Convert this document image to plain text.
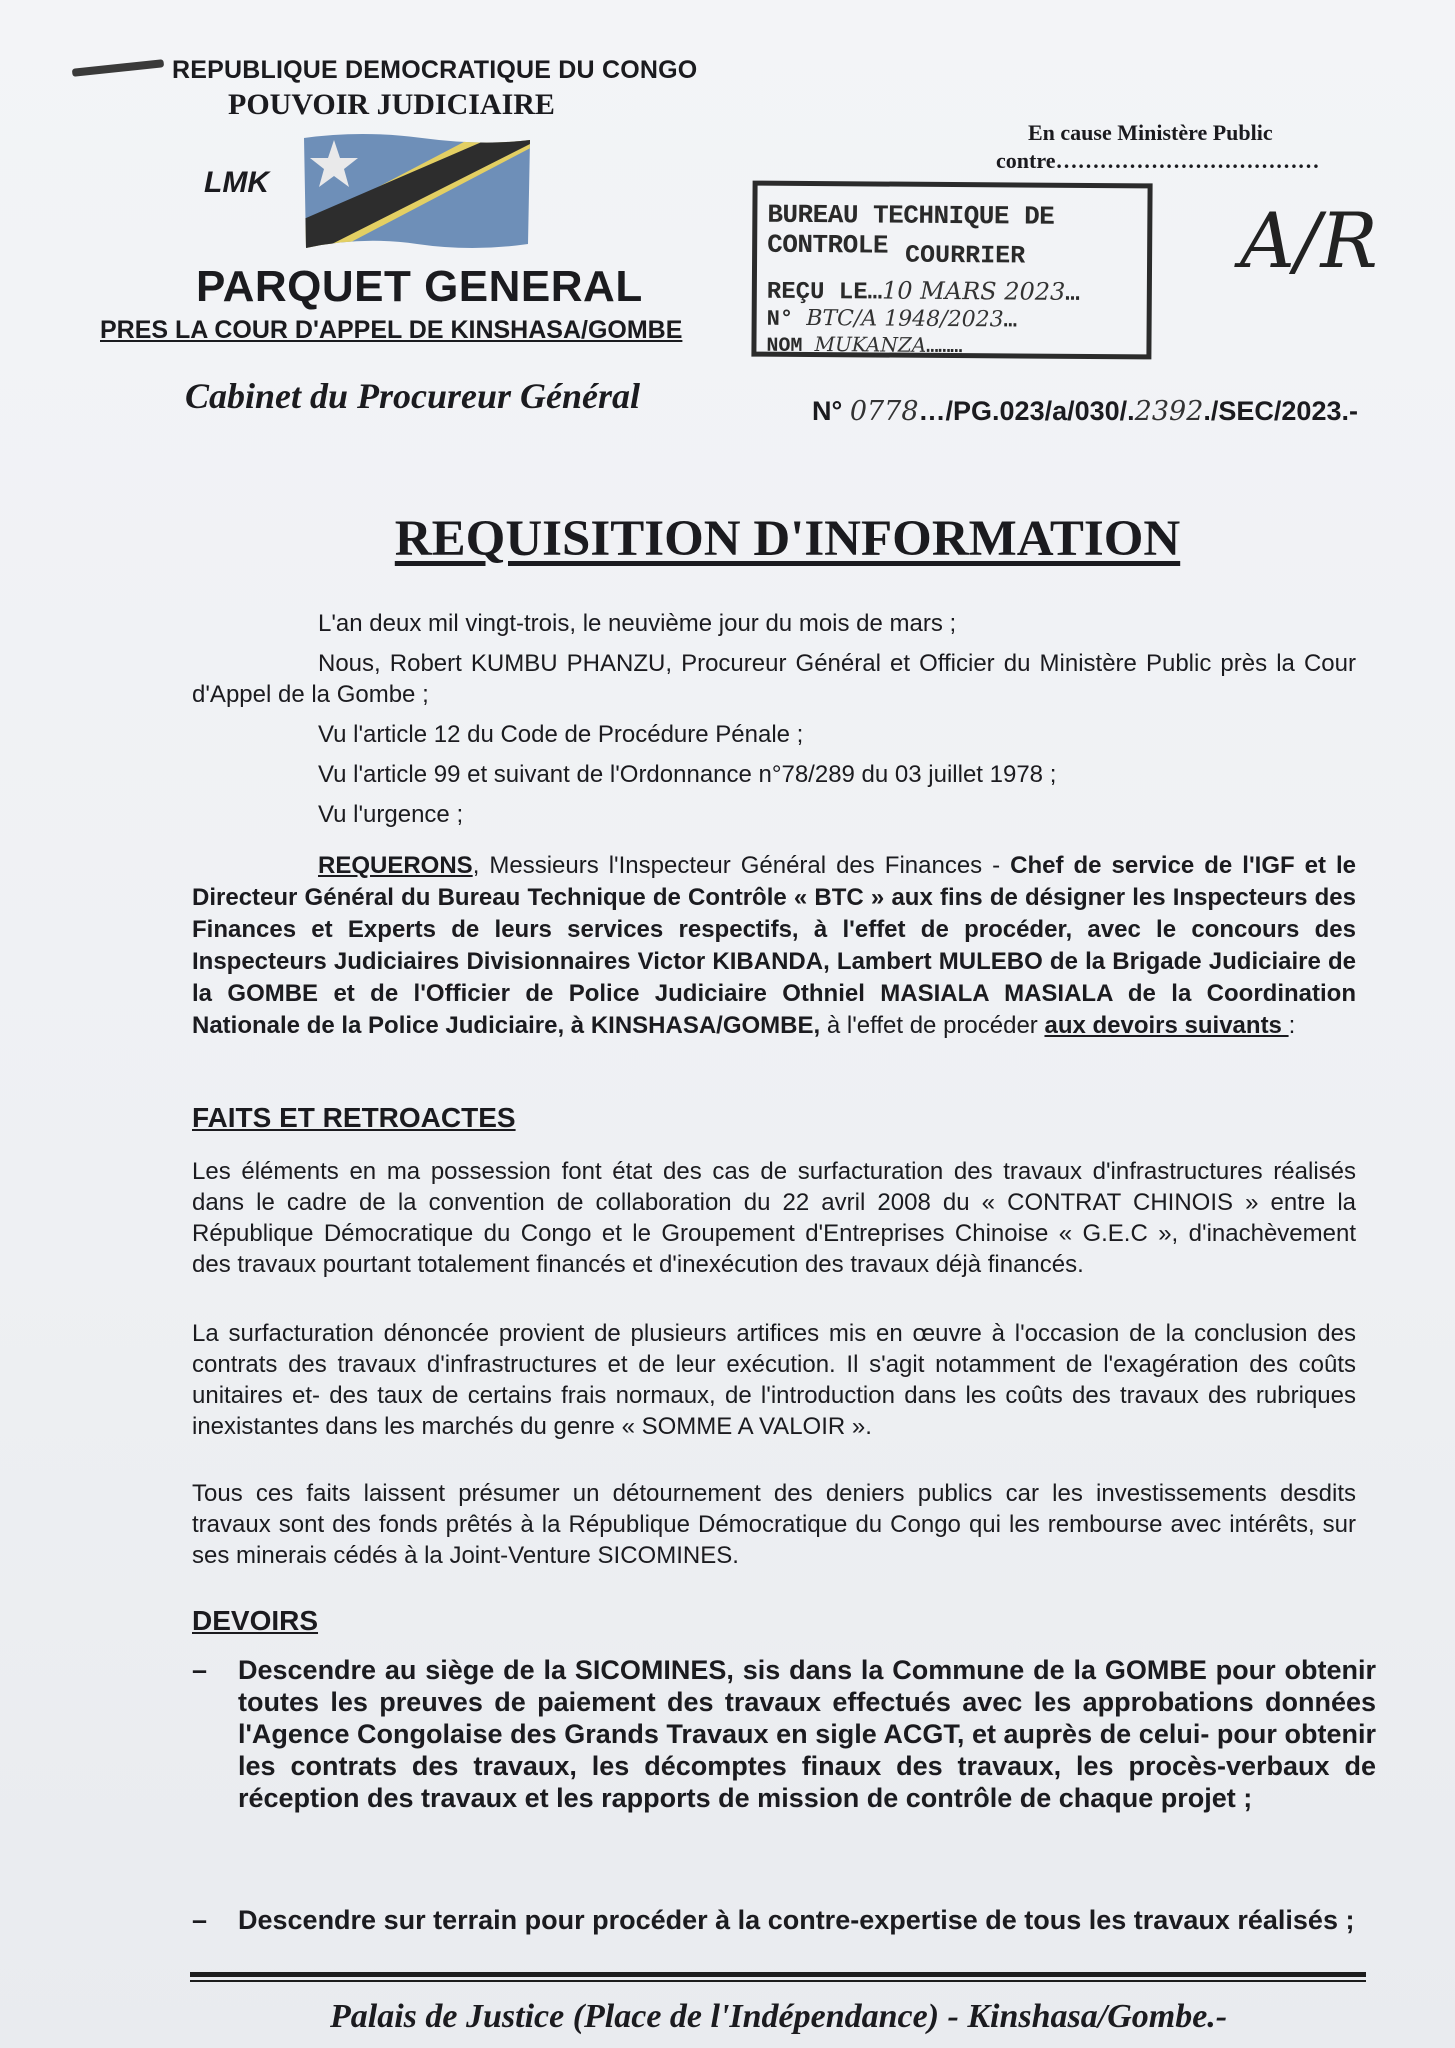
REPUBLIQUE DEMOCRATIQUE DU CONGO
POUVOIR JUDICIAIRE
LMK
PARQUET GENERAL
PRES LA COUR D'APPEL DE KINSHASA/GOMBE
Cabinet du Procureur Général
En cause Ministère Public
contre………………………………
BUREAU TECHNIQUE DE CONTROLE COURRIER
REÇU LE…10 MARS 2023…
N° BTC/A 1948/2023…
NOM MUKANZA………
A/R
N° 0778…/PG.023/a/030/.2392./SEC/2023.-
REQUISITION D'INFORMATION
L'an deux mil vingt-trois, le neuvième jour du mois de mars ;
Nous, Robert KUMBU PHANZU, Procureur Général et Officier du Ministère Public près la Cour d'Appel de la Gombe ;
Vu l'article 12 du Code de Procédure Pénale ;
Vu l'article 99 et suivant de l'Ordonnance n°78/289 du 03 juillet 1978 ;
Vu l'urgence ;
REQUERONS, Messieurs l'Inspecteur Général des Finances - Chef de service de l'IGF et le Directeur Général du Bureau Technique de Contrôle « BTC » aux fins de désigner les Inspecteurs des Finances et Experts de leurs services respectifs, à l'effet de procéder, avec le concours des Inspecteurs Judiciaires Divisionnaires Victor KIBANDA, Lambert MULEBO de la Brigade Judiciaire de la GOMBE et de l'Officier de Police Judiciaire Othniel MASIALA MASIALA de la Coordination Nationale de la Police Judiciaire, à KINSHASA/GOMBE, à l'effet de procéder aux devoirs suivants :
FAITS ET RETROACTES
Les éléments en ma possession font état des cas de surfacturation des travaux d'infrastructures réalisés dans le cadre de la convention de collaboration du 22 avril 2008 du « CONTRAT CHINOIS » entre la République Démocratique du Congo et le Groupement d'Entreprises Chinoise « G.E.C », d'inachèvement des travaux pourtant totalement financés et d'inexécution des travaux déjà financés.
La surfacturation dénoncée provient de plusieurs artifices mis en œuvre à l'occasion de la conclusion des contrats des travaux d'infrastructures et de leur exécution. Il s'agit notamment de l'exagération des coûts unitaires et- des taux de certains frais normaux, de l'introduction dans les coûts des travaux des rubriques inexistantes dans les marchés du genre « SOMME A VALOIR ».
Tous ces faits laissent présumer un détournement des deniers publics car les investissements desdits travaux sont des fonds prêtés à la République Démocratique du Congo qui les rembourse avec intérêts, sur ses minerais cédés à la Joint-Venture SICOMINES.
DEVOIRS
– Descendre au siège de la SICOMINES, sis dans la Commune de la GOMBE pour obtenir toutes les preuves de paiement des travaux effectués avec les approbations données l'Agence Congolaise des Grands Travaux en sigle ACGT, et auprès de celui- pour obtenir les contrats des travaux, les décomptes finaux des travaux, les procès-verbaux de réception des travaux et les rapports de mission de contrôle de chaque projet ;
– Descendre sur terrain pour procéder à la contre-expertise de tous les travaux réalisés ;
Palais de Justice (Place de l'Indépendance) - Kinshasa/Gombe.-
